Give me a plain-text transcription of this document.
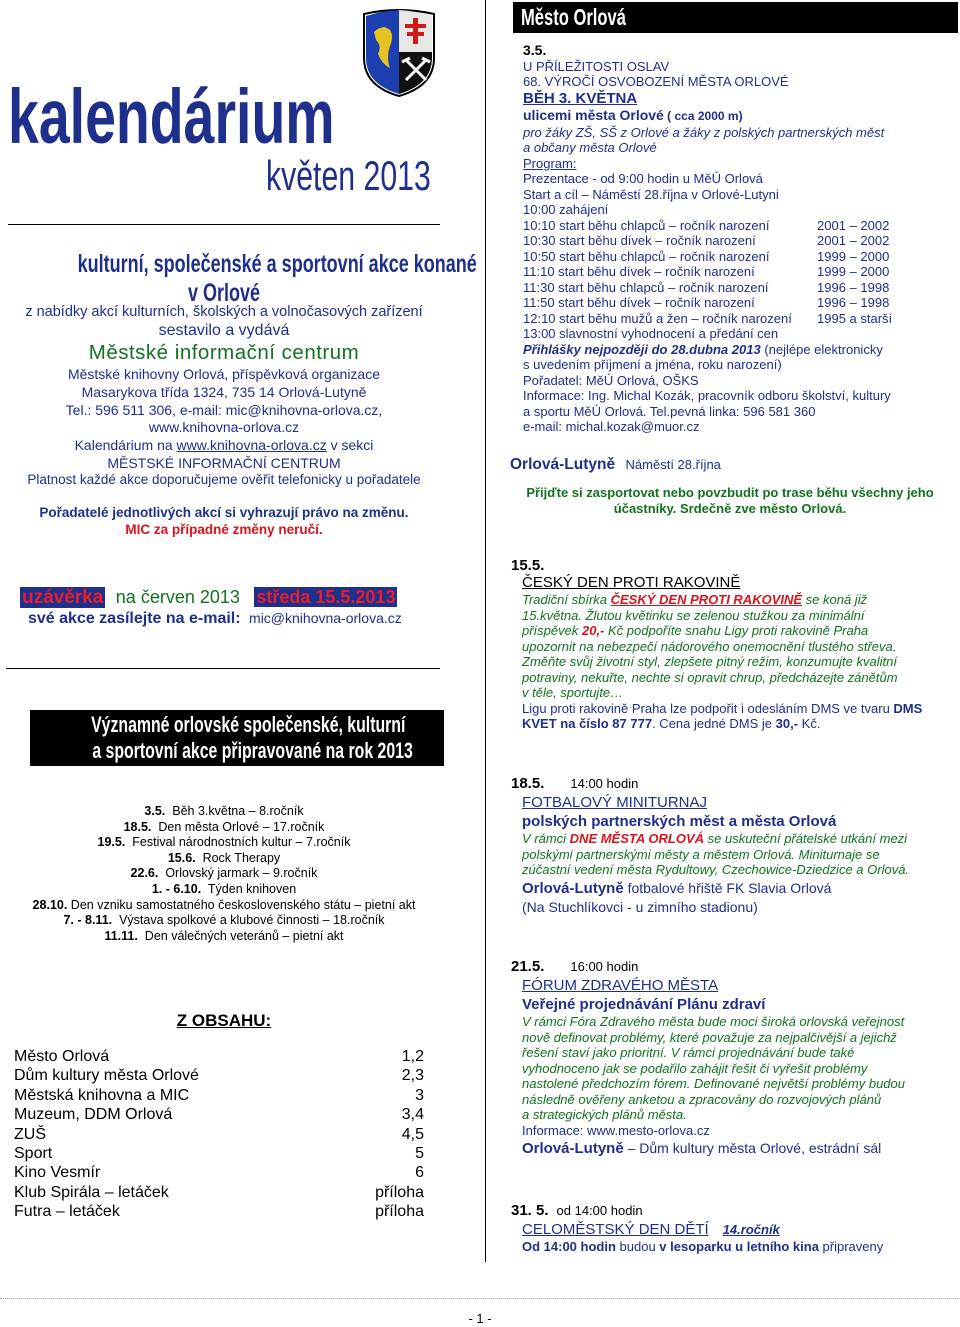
kalendárium
květen 2013
kulturní, společenské a sportovní akce konané
v Orlové
z nabídky akcí kulturních, školských a volnočasových zařízení
sestavilo a vydává
Městské informační centrum
Městské knihovny Orlová, příspěvková organizace
Masarykova třída 1324, 735 14 Orlová-Lutyně
Tel.: 596 511 306, e-mail: mic@knihovna-orlova.cz,
www.knihovna-orlova.cz
Kalendárium na www.knihovna-orlova.cz v sekci
MĚSTSKÉ INFORMAČNÍ CENTRUM
Platnost každé akce doporučujeme ověřit telefonicky u pořadatele
Pořadatelé jednotlivých akcí si vyhrazují právo na změnu.
MIC za případné změny neručí.
uzávěrka na červen 2013 středa 15.5.2013
své akce zasílejte na e-mail: mic@knihovna-orlova.cz
Významné orlovské společenské, kulturní
a sportovní akce připravované na rok 2013
3.5. Běh 3.května – 8.ročník
18.5. Den města Orlové – 17.ročník
19.5. Festival národnostních kultur – 7.ročník
15.6. Rock Therapy
22.6. Orlovský jarmark – 9.ročník
1. - 6.10. Týden knihoven
28.10. Den vzniku samostatného československého státu – pietní akt
7. - 8.11. Výstava spolkové a klubové činnosti – 18.ročník
11.11. Den válečných veteránů – pietní akt
Z OBSAHU:
Město Orlová	1,2
Dům kultury města Orlové	2,3
Městská knihovna a MIC	3
Muzeum, DDM Orlová	3,4
ZUŠ	4,5
Sport	5
Kino Vesmír	6
Klub Spirála – letáček	příloha
Futra – letáček	příloha
Město Orlová
3.5.
U PŘÍLEŽITOSTI OSLAV
68. VÝROČÍ OSVOBOZENÍ MĚSTA ORLOVÉ
BĚH 3. KVĚTNA
ulicemi města Orlové ( cca 2000 m)
pro žáky ZŠ, SŠ z Orlové a žáky z polských partnerských měst
a občany města Orlové
Program:
Prezentace - od 9:00 hodin u MěÚ Orlová
Start a cíl – Náměstí 28.října v Orlové-Lutyni
10:00 zahájení
10:10 start běhu chlapců – ročník narození	2001 – 2002
10:30 start běhu dívek – ročník narození	2001 – 2002
10:50 start běhu chlapců – ročník narození	1999 – 2000
11:10 start běhu dívek – ročník narození	1999 – 2000
11:30 start běhu chlapců – ročník narození	1996 – 1998
11:50 start běhu dívek – ročník narození	1996 – 1998
12:10 start běhu mužů a žen – ročník narození	1995 a starší
13:00 slavnostní vyhodnocení a předání cen
Přihlášky nejpozději do 28.dubna 2013 (nejlépe elektronicky
s uvedením příjmení a jména, roku narození)
Pořadatel: MěÚ Orlová, OŠKS
Informace: Ing. Michal Kozák, pracovník odboru školství, kultury
a sportu MěÚ Orlová. Tel.pevná linka: 596 581 360
e-mail: michal.kozak@muor.cz
Orlová-Lutyně Náměstí 28.října
Přijďte si zasportovat nebo povzbudit po trase běhu všechny jeho
účastníky. Srdečně zve město Orlová.
15.5.
ČESKÝ DEN PROTI RAKOVINĚ
Tradiční sbírka ČESKÝ DEN PROTI RAKOVINĚ se koná již
15.května. Žlutou květinku se zelenou stužkou za minimální
příspěvek 20,- Kč podpoříte snahu Ligy proti rakovině Praha
upozornit na nebezpečí nádorového onemocnění tlustého střeva.
Změňte svůj životní styl, zlepšete pitný režim, konzumujte kvalitní
potraviny, nekuřte, nechte si opravit chrup, předcházejte zánětům
v těle, sportujte…
Ligu proti rakovině Praha lze podpořit i odesláním DMS ve tvaru DMS
KVET na číslo 87 777. Cena jedné DMS je 30,- Kč.
18.5. 14:00 hodin
FOTBALOVÝ MINITURNAJ
polských partnerských měst a města Orlová
V rámci DNE MĚSTA ORLOVÁ se uskuteční přátelské utkání mezi
polskými partnerskými městy a městem Orlová. Miniturnaje se
zúčastní vedení města Rydultowy, Czechowice-Dziedzice a Orlová.
Orlová-Lutyně fotbalové hřiště FK Slavia Orlová
(Na Stuchlíkovci - u zimního stadionu)
21.5. 16:00 hodin
FÓRUM ZDRAVÉHO MĚSTA
Veřejné projednávání Plánu zdraví
V rámci Fóra Zdravého města bude moci široká orlovská veřejnost
nově definovat problémy, které považuje za nejpalčivější a jejichž
řešení staví jako prioritní. V rámci projednávání bude také
vyhodnoceno jak se podařilo zahájit řešit či vyřešit problémy
nastolené předchozím fórem. Definované největší problémy budou
následně ověřeny anketou a zpracovány do rozvojových plánů
a strategických plánů města.
Informace: www.mesto-orlova.cz
Orlová-Lutyně – Dům kultury města Orlové, estrádní sál
31. 5. od 14:00 hodin
CELOMĚSTSKÝ DEN DĚTÍ 14.ročník
Od 14:00 hodin budou v lesoparku u letního kina připraveny
- 1 -
